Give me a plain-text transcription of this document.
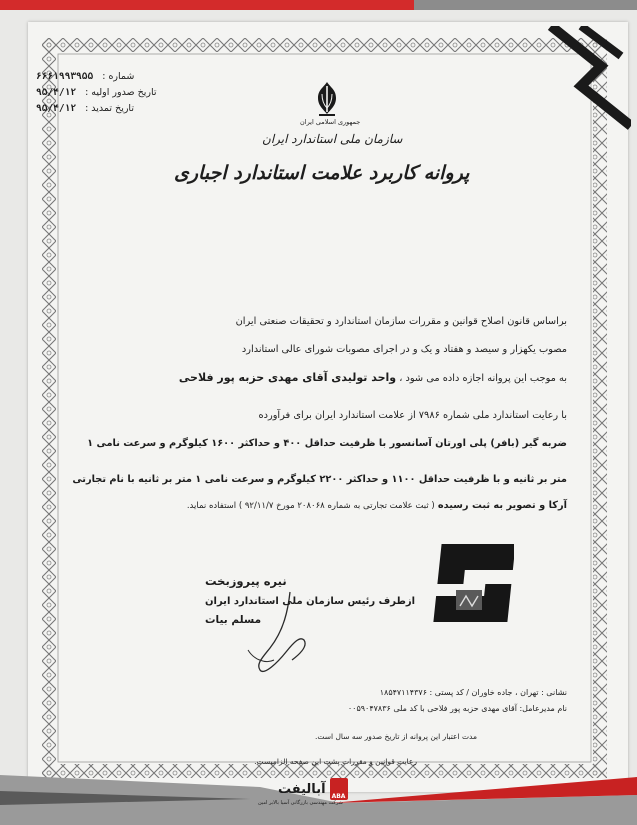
شماره : ۶۶۶۱۹۹۳۹۵۵
تاریخ صدور اولیه : ۹۵/۴/۱۲
تاریخ تمدید : ۹۵/۴/۱۲
جمهوری اسلامی ایران
سازمان ملی استاندارد ایران
پروانه کاربرد علامت استاندارد اجباری
براساس قانون اصلاح قوانین و مقررات سازمان استاندارد و تحقیقات صنعتی ایران
مصوب یکهزار و سیصد و هفتاد و یک و در اجرای مصوبات شورای عالی استاندارد
به موجب این پروانه اجازه داده می شود ، واحد تولیدی آقای مهدی حزبه پور فلاحی
با رعایت استاندارد ملی شماره ۷۹۸۶ از علامت استاندارد ایران برای فرآورده
ضربه گیر (بافر) پلی اورتان آسانسور با ظرفیت حداقل ۴۰۰ و حداکثر ۱۶۰۰ کیلوگرم و سرعت نامی ۱
متر بر ثانیه و با ظرفیت حداقل ۱۱۰۰ و حداکثر ۲۲۰۰ کیلوگرم و سرعت نامی ۱ متر بر ثانیه با نام تجارتی
آرکا و تصویر به ثبت رسیده ( ثبت علامت تجارتی به شماره ۲۰۸۰۶۸ مورخ ۹۲/۱۱/۷ ) استفاده نماید.
نیره پیروزبخت
ازطرف رئیس سازمان ملی استاندارد ایران
مسلم بیات
نشانی : تهران ، جاده خاوران / کد پستی : ۱۸۵۴۷۱۱۴۳۷۶
نام مدیرعامل: آقای مهدی حزبه پور فلاحی با کد ملی ۰۰۵۹۰۴۷۸۳۶
مدت اعتبار این پروانه از تاریخ صدور سه سال است.
رعایت قوانین و مقررات پشت این صفحه الزامیست.
ABA
آبالیفت
شرکت مهندسی بازرگانی آسیا بالابر امین
